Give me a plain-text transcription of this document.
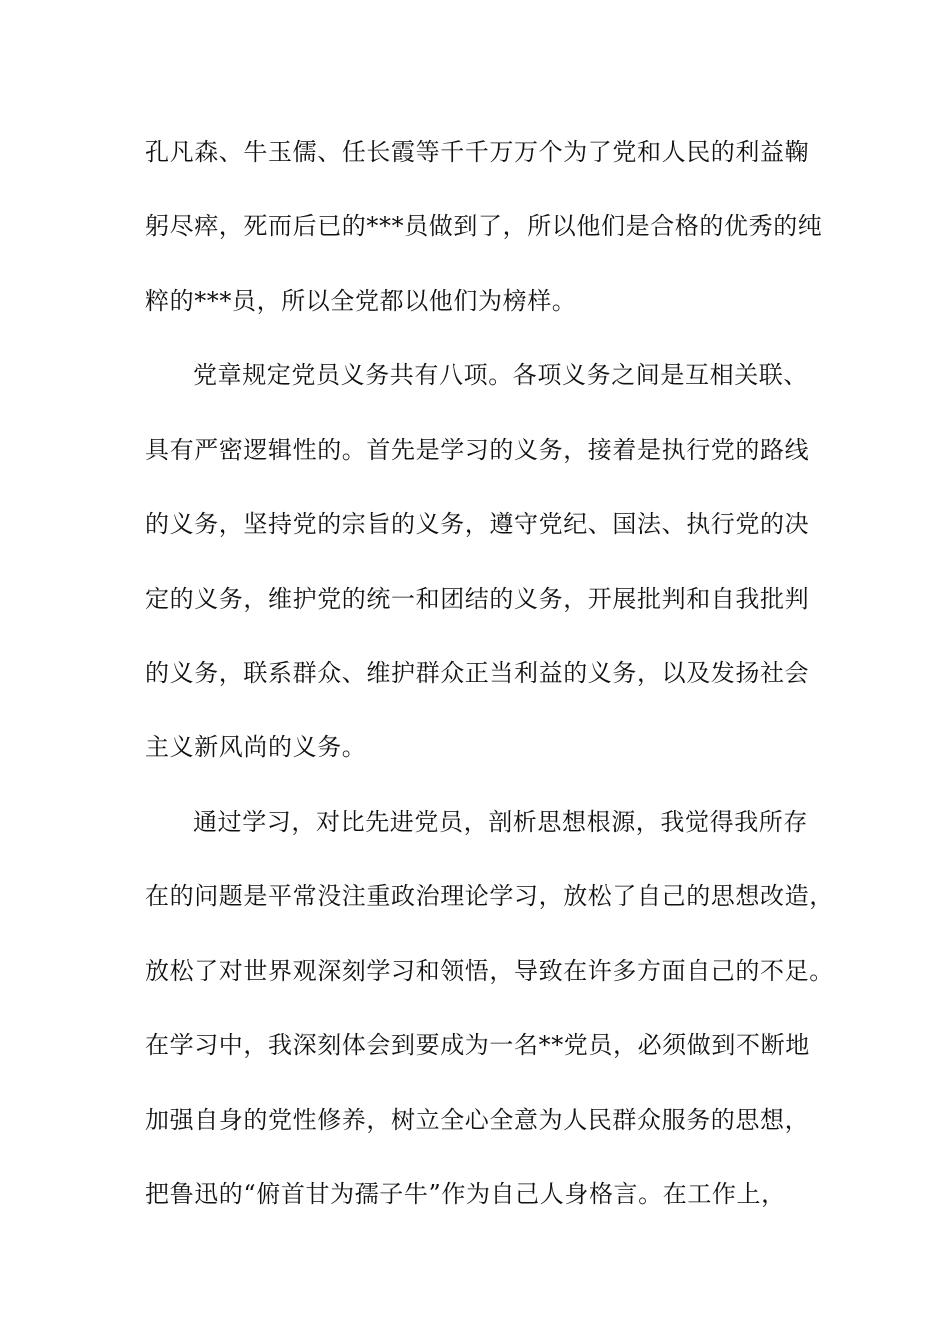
孔凡森、牛玉儒、任长霞等千千万万个为了党和人民的利益鞠
躬尽瘁，死而后已的***员做到了，所以他们是合格的优秀的纯
粹的***员，所以全党都以他们为榜样。
党章规定党员义务共有八项。各项义务之间是互相关联、
具有严密逻辑性的。首先是学习的义务，接着是执行党的路线
的义务，坚持党的宗旨的义务，遵守党纪、国法、执行党的决
定的义务，维护党的统一和团结的义务，开展批判和自我批判
的义务，联系群众、维护群众正当利益的义务，以及发扬社会
主义新风尚的义务。
通过学习，对比先进党员，剖析思想根源，我觉得我所存
在的问题是平常没注重政治理论学习，放松了自己的思想改造，
放松了对世界观深刻学习和领悟，导致在许多方面自己的不足。
在学习中，我深刻体会到要成为一名**党员，必须做到不断地
加强自身的党性修养，树立全心全意为人民群众服务的思想，
把鲁迅的“俯首甘为孺子牛”作为自己人身格言。在工作上，
